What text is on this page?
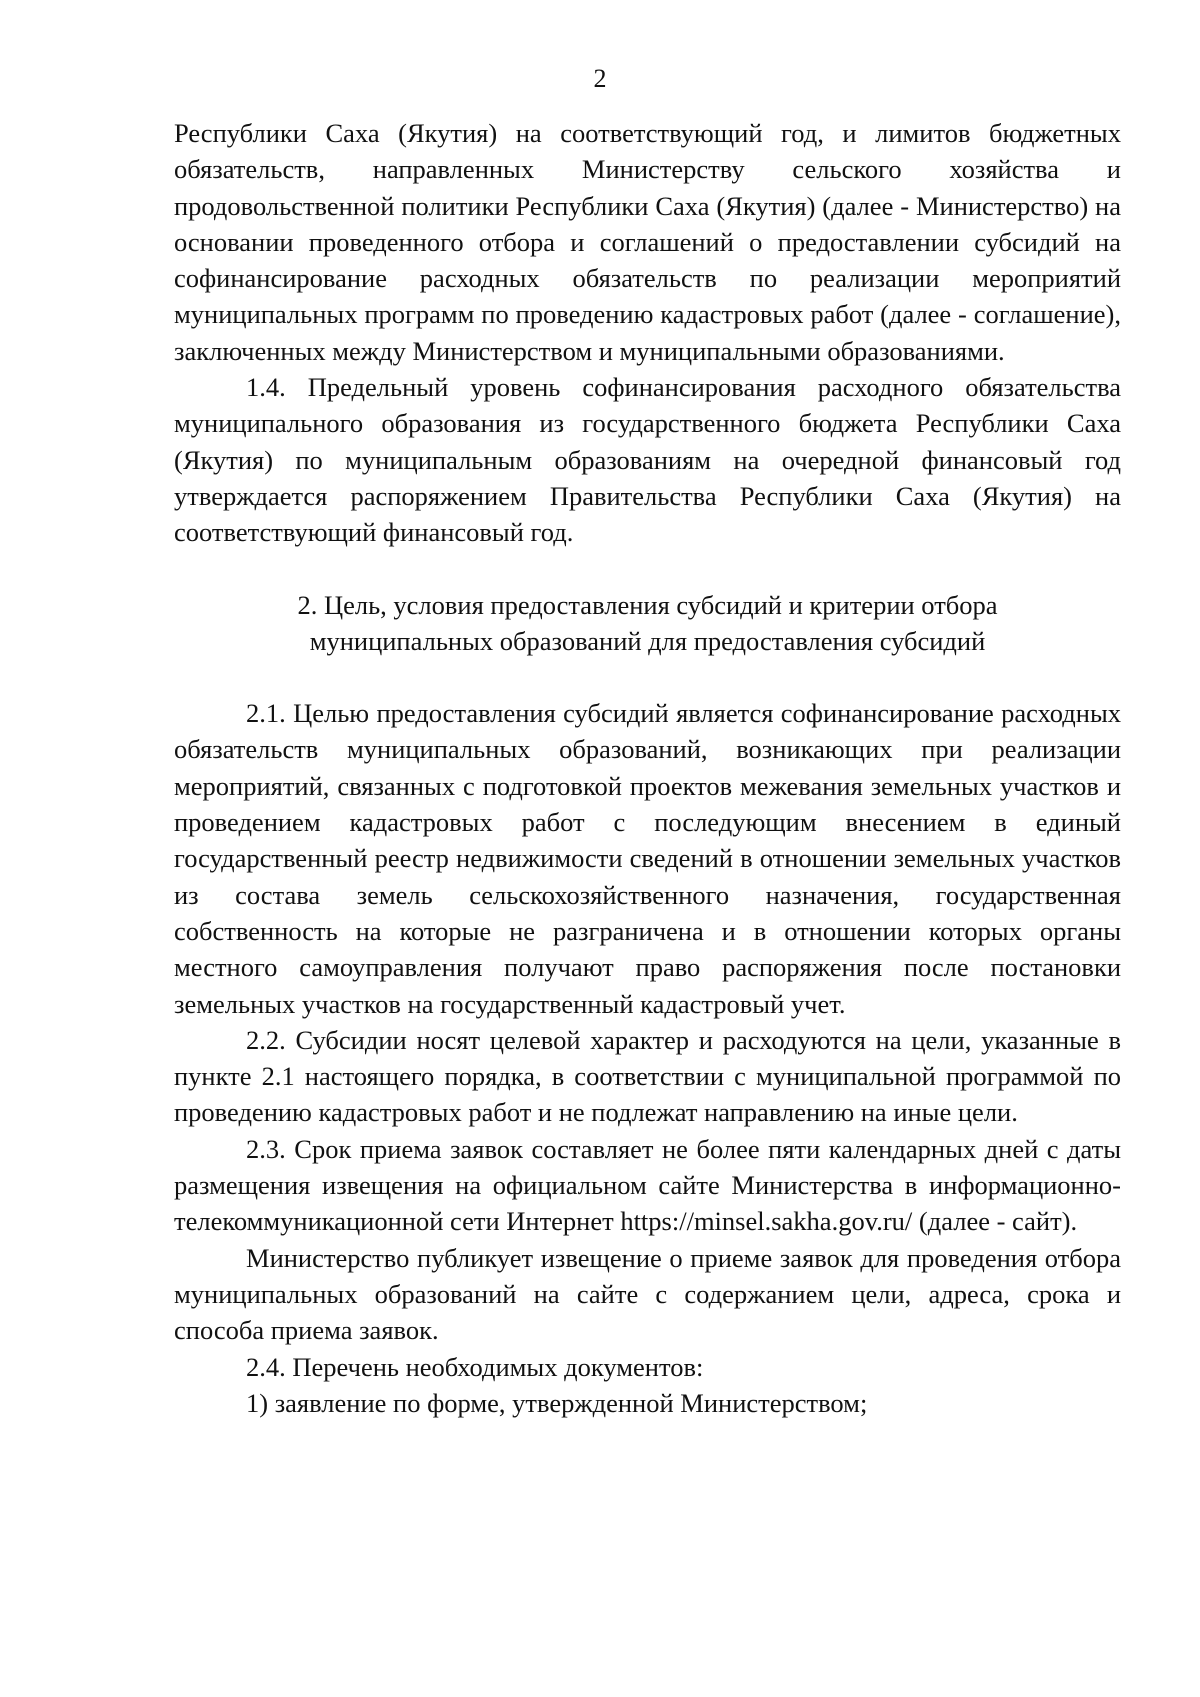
2

Республики Саха (Якутия) на соответствующий год, и лимитов бюджетных обязательств, направленных Министерству сельского хозяйства и продовольственной политики Республики Саха (Якутия) (далее - Министерство) на основании проведенного отбора и соглашений о предоставлении субсидий на софинансирование расходных обязательств по реализации мероприятий муниципальных программ по проведению кадастровых работ (далее - соглашение), заключенных между Министерством и муниципальными образованиями.

1.4. Предельный уровень софинансирования расходного обязательства муниципального образования из государственного бюджета Республики Саха (Якутия) по муниципальным образованиям на очередной финансовый год утверждается распоряжением Правительства Республики Саха (Якутия) на соответствующий финансовый год.

2. Цель, условия предоставления субсидий и критерии отбора
муниципальных образований для предоставления субсидий

2.1. Целью предоставления субсидий является софинансирование расходных обязательств муниципальных образований, возникающих при реализации мероприятий, связанных с подготовкой проектов межевания земельных участков и проведением кадастровых работ с последующим внесением в единый государственный реестр недвижимости сведений в отношении земельных участков из состава земель сельскохозяйственного назначения, государственная собственность на которые не разграничена и в отношении которых органы местного самоуправления получают право распоряжения после постановки земельных участков на государственный кадастровый учет.

2.2. Субсидии носят целевой характер и расходуются на цели, указанные в пункте 2.1 настоящего порядка, в соответствии с муниципальной программой по проведению кадастровых работ и не подлежат направлению на иные цели.

2.3. Срок приема заявок составляет не более пяти календарных дней с даты размещения извещения на официальном сайте Министерства в информационно-телекоммуникационной сети Интернет https://minsel.sakha.gov.ru/ (далее - сайт).

Министерство публикует извещение о приеме заявок для проведения отбора муниципальных образований на сайте с содержанием цели, адреса, срока и способа приема заявок.

2.4. Перечень необходимых документов:

1) заявление по форме, утвержденной Министерством;
